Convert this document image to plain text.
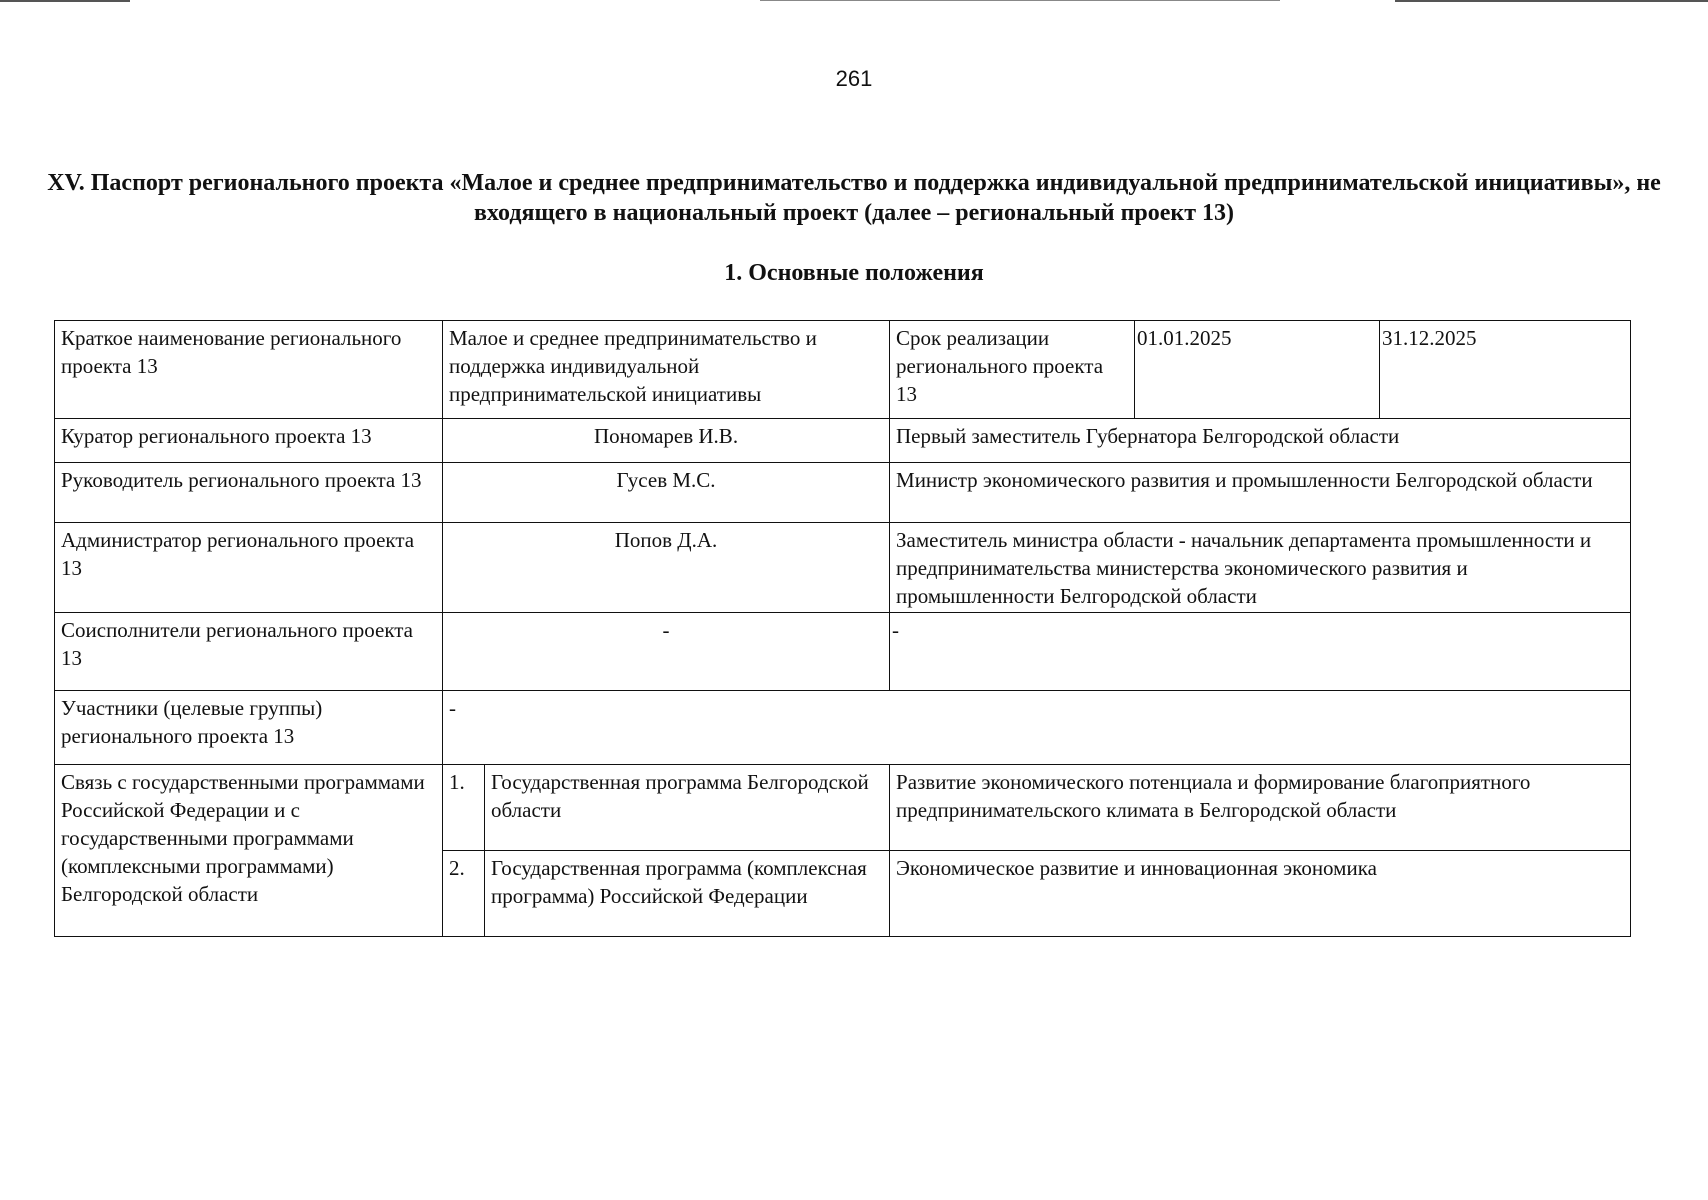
261
XV. Паспорт регионального проекта «Малое и среднее предпринимательство и поддержка индивидуальной предпринимательской инициативы», не входящего в национальный проект (далее – региональный проект 13)
1. Основные положения
Краткое наименование регионального проекта 13	Малое и среднее предпринимательство и поддержка индивидуальной предпринимательской инициативы		Срок реализации регионального проекта 13	01.01.2025	31.12.2025
Куратор регионального проекта 13	Пономарев И.В.		Первый заместитель Губернатора Белгородской области		
Руководитель регионального проекта 13	Гусев М.С.		Министр экономического развития и промышленности Белгородской области		
Администратор регионального проекта 13	Попов Д.А.		Заместитель министра области - начальник департамента промышленности и предпринимательства министерства экономического развития и промышленности Белгородской области		
Соисполнители регионального проекта 13	-		-		
Участники (целевые группы) регионального проекта 13	-				
Связь с государственными программами Российской Федерации и с государственными программами (комплексными программами) Белгородской области	1.	Государственная программа Белгородской области	Развитие экономического потенциала и формирование благоприятного предпринимательского климата в Белгородской области		
	2.	Государственная программа (комплексная программа) Российской Федерации	Экономическое развитие и инновационная экономика		
